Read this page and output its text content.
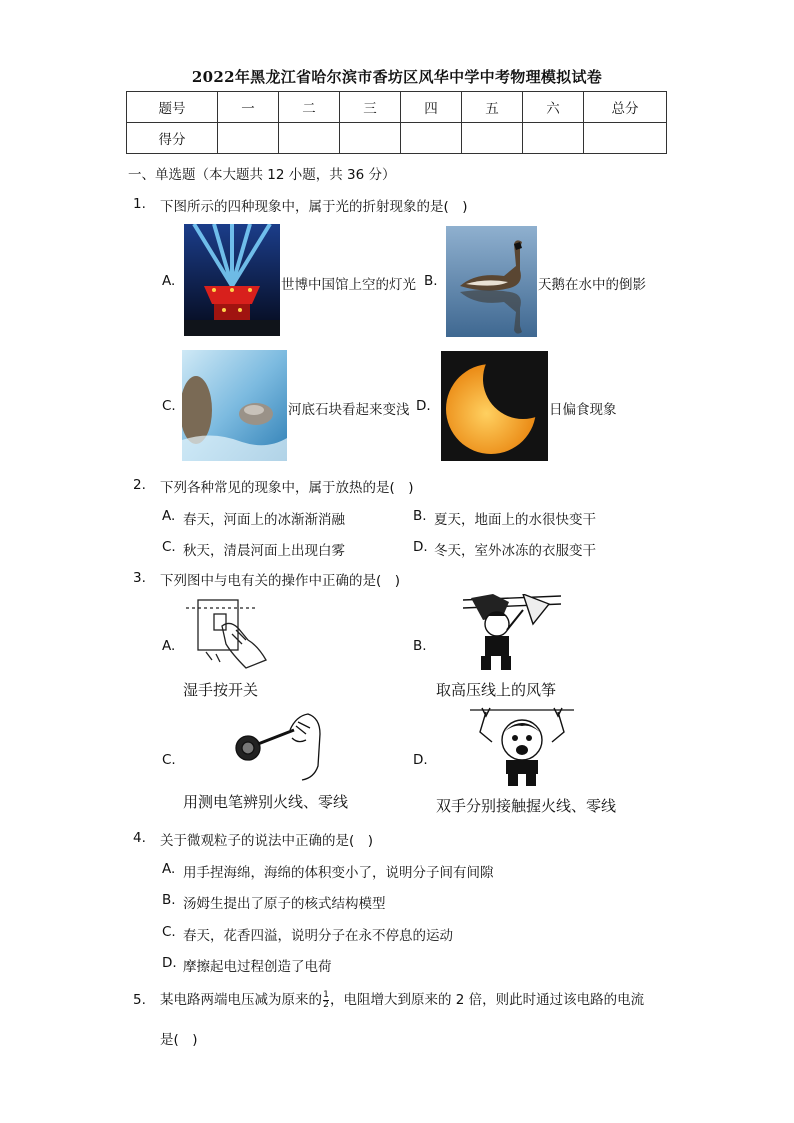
2022年黑龙江省哈尔滨市香坊区风华中学中考物理模拟试卷
题号	一	二	三	四	五	六	总分
得分							
一、单选题（本大题共 12 小题，共 36 分）
1. 下图所示的四种现象中，属于光的折射现象的是(　)
A.	世博中国馆上空的灯光 B.	天鹅在水中的倒影
C.	河底石块看起来变浅 D.	日偏食现象
2. 下列各种常见的现象中，属于放热的是(　)
A. 春天，河面上的冰渐渐消融	B. 夏天，地面上的水很快变干
C. 秋天，清晨河面上出现白雾	D. 冬天，室外冰冻的衣服变干
3. 下列图中与电有关的操作中正确的是(　)
A.
湿手按开关
B.
取高压线上的风筝
C.
用测电笔辨别火线、零线
D.
双手分别接触握火线、零线
4. 关于微观粒子的说法中正确的是(　)
A. 用手捏海绵，海绵的体积变小了，说明分子间有间隙
B. 汤姆生提出了原子的核式结构模型
C. 春天，花香四溢，说明分子在永不停息的运动
D. 摩擦起电过程创造了电荷
5. 某电路两端电压减为原来的 $\frac{1}{2}$ ，电阻增大到原来的 2 倍，则此时通过该电路的电流
是(　)
